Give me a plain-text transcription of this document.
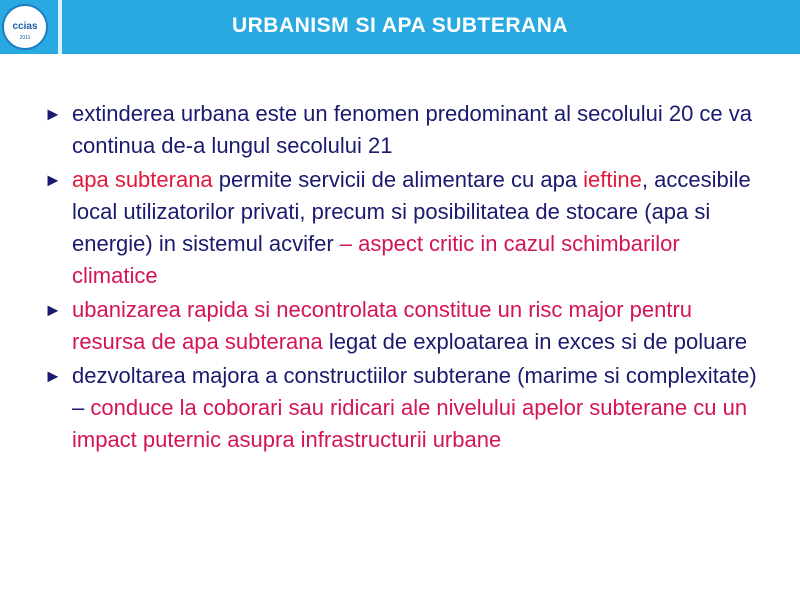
ccias
2011
URBANISM SI APA SUBTERANA
► extinderea urbana este un fenomen predominant al secolului 20 ce va continua de-a lungul secolului 21
► apa subterana permite servicii de alimentare cu apa ieftine, accesibile local utilizatorilor privati, precum si posibilitatea de stocare (apa si energie) in sistemul acvifer – aspect critic in cazul schimbarilor climatice
► ubanizarea rapida si necontrolata constitue un risc major pentru resursa de apa subterana legat de exploatarea in exces si de poluare
► dezvoltarea majora a constructiilor subterane (marime si complexitate) – conduce la coborari sau ridicari ale nivelului apelor subterane cu un impact puternic asupra infrastructurii urbane
